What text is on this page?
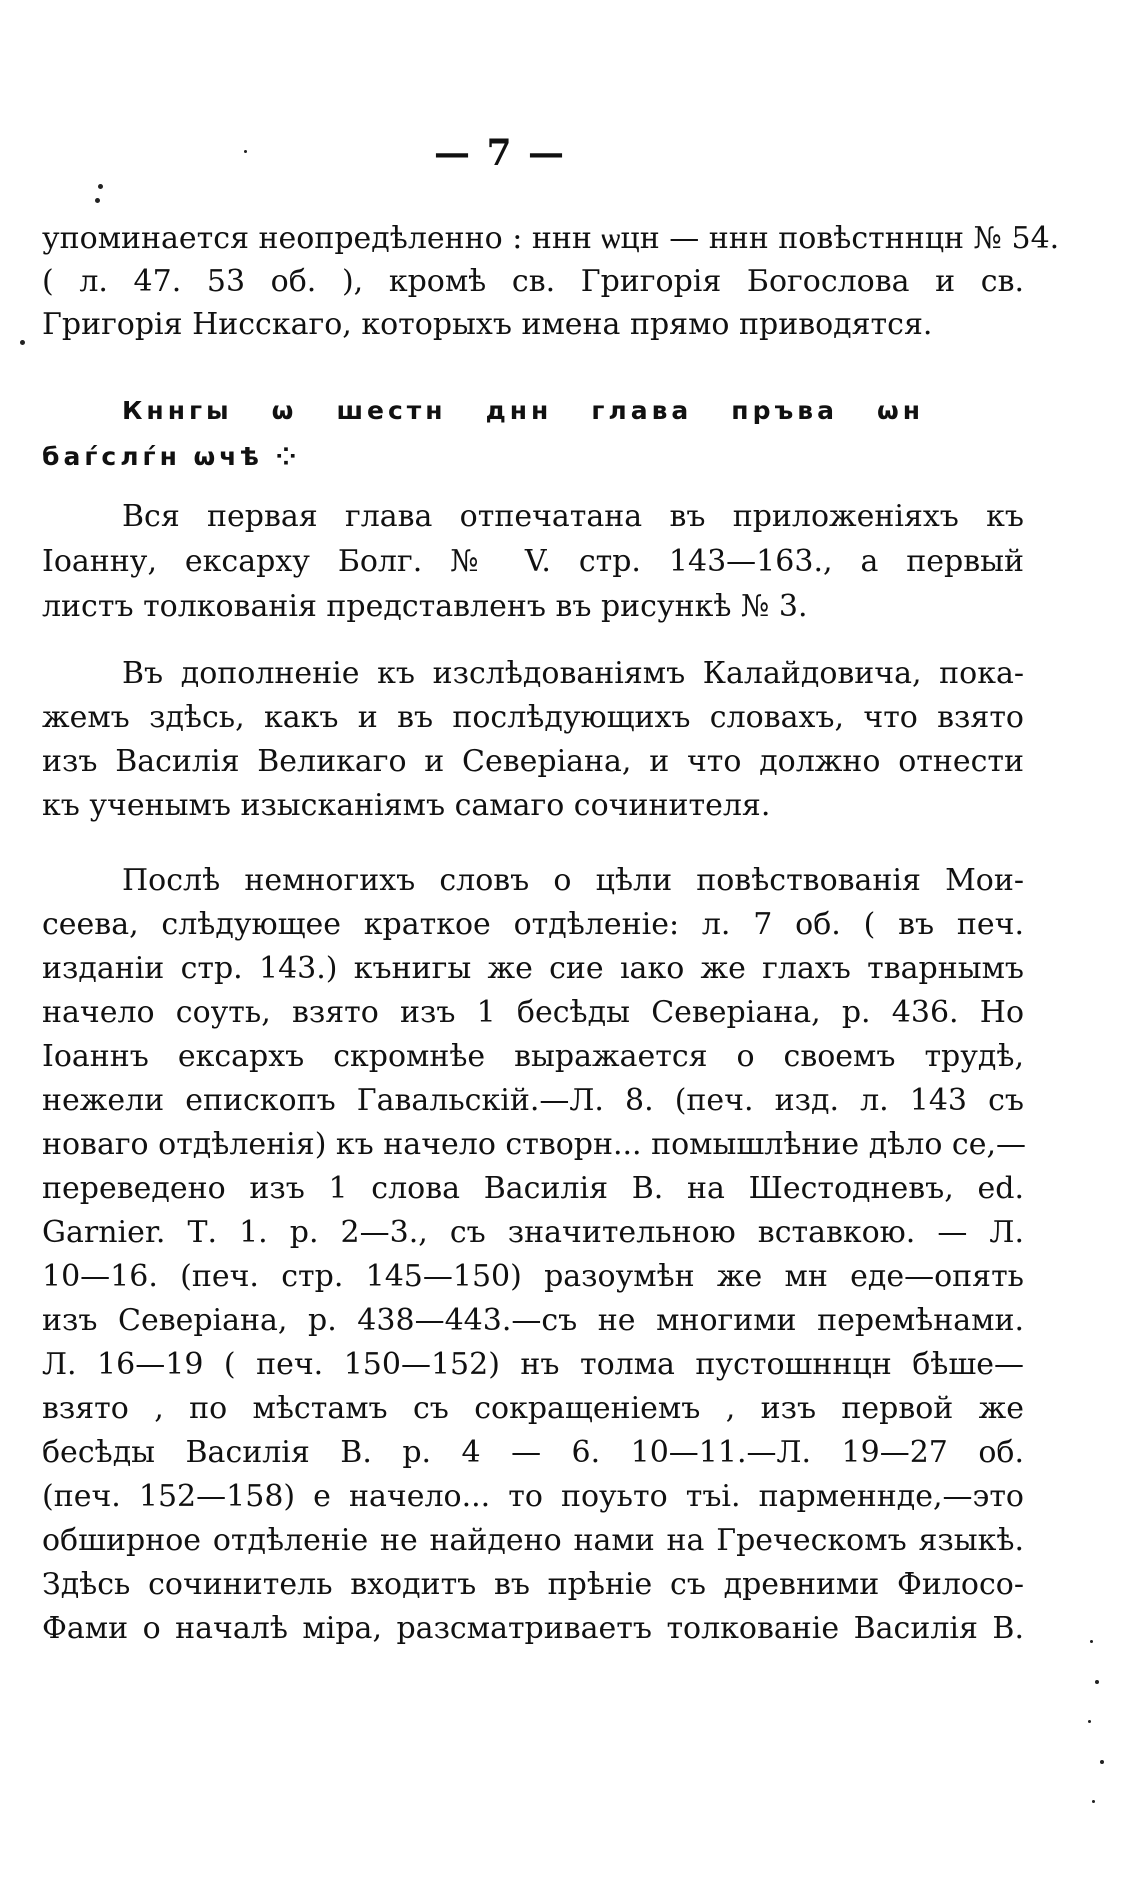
— 7 —
упоминается неопредѣленно : ннн ѡцн — ннн повѣстннцн № 54.
( л. 47. 53 об. ), кромѣ св. Григорія Богослова и св.
Григорія Нисскаго, которыхъ имена прямо приводятся.
Кннгы ѡ шестн днн глава пръва ѡн
баѓслѓн ѡчѣ ⁘
Вся первая глава отпечатана въ приложеніяхъ къ
Іоанну, ексарху Болг. № V. стр. 143—163., а первый
листъ толкованія представленъ въ рисункѣ № 3.
Въ дополненіе къ изслѣдованіямъ Калайдовича, пока-
жемъ здѣсь, какъ и въ послѣдующихъ словахъ, что взято
изъ Василія Великаго и Северіана, и что должно отнести
къ ученымъ изысканіямъ самаго сочинителя.
Послѣ немногихъ словъ о цѣли повѣствованія Мои-
сеева, слѣдующее краткое отдѣленіе: л. 7 об. ( въ печ.
изданіи стр. 143.) кънигы же сие ıако же глахъ тварнымъ
начело соуть, взято изъ 1 бесѣды Северіана, р. 436. Но
Іоаннъ ексархъ скромнѣе выражается о своемъ трудѣ,
нежели епископъ Гавальскій.—Л. 8. (печ. изд. л. 143 съ
новаго отдѣленія) къ начело створн... помышлѣние дѣло се,—
переведено изъ 1 слова Василія В. на Шестодневъ, ed.
Garnier. Т. 1. р. 2—3., съ значительною вставкою. — Л.
10—16. (печ. стр. 145—150) разоумѣн же мн еде—опять
изъ Северіана, р. 438—443.—съ не многими перемѣнами.
Л. 16—19 ( печ. 150—152) нъ толма пустошннцн бѣше—
взято , по мѣстамъ съ сокращеніемъ , изъ первой же
бесѣды Василія В. р. 4 — 6. 10—11.—Л. 19—27 об.
(печ. 152—158) е начело... то поуьто тъі. парменнде,—это
обширное отдѣленіе не найдено нами на Греческомъ языкѣ.
Здѣсь сочинитель входитъ въ прѣніе съ древними Филосо-
Фами о началѣ міра, разсматриваетъ толкованіе Василія В.
